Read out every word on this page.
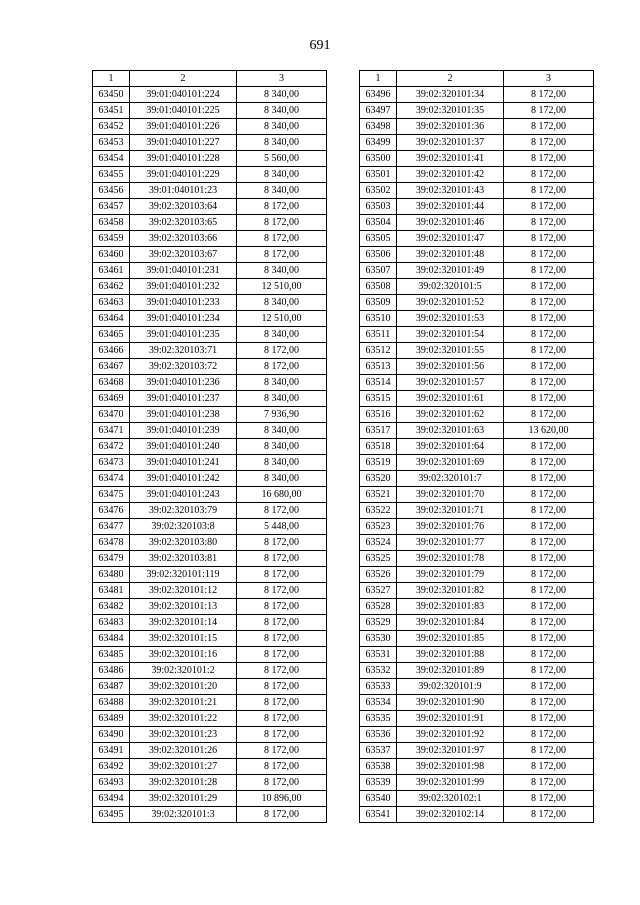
691
1	2	3
63450	39:01:040101:224	8 340,00
63451	39:01:040101:225	8 340,00
63452	39:01:040101:226	8 340,00
63453	39:01:040101:227	8 340,00
63454	39:01:040101:228	5 560,00
63455	39:01:040101:229	8 340,00
63456	39:01:040101:23	8 340,00
63457	39:02:320103:64	8 172,00
63458	39:02:320103:65	8 172,00
63459	39:02:320103:66	8 172,00
63460	39:02:320103:67	8 172,00
63461	39:01:040101:231	8 340,00
63462	39:01:040101:232	12 510,00
63463	39:01:040101:233	8 340,00
63464	39:01:040101:234	12 510,00
63465	39:01:040101:235	8 340,00
63466	39:02:320103:71	8 172,00
63467	39:02:320103:72	8 172,00
63468	39:01:040101:236	8 340,00
63469	39:01:040101:237	8 340,00
63470	39:01:040101:238	7 936,90
63471	39:01:040101:239	8 340,00
63472	39:01:040101:240	8 340,00
63473	39:01:040101:241	8 340,00
63474	39:01:040101:242	8 340,00
63475	39:01:040101:243	16 680,00
63476	39:02:320103:79	8 172,00
63477	39:02:320103:8	5 448,00
63478	39:02:320103:80	8 172,00
63479	39:02:320103:81	8 172,00
63480	39:02:320101:119	8 172,00
63481	39:02:320101:12	8 172,00
63482	39:02:320101:13	8 172,00
63483	39:02:320101:14	8 172,00
63484	39:02:320101:15	8 172,00
63485	39:02:320101:16	8 172,00
63486	39:02:320101:2	8 172,00
63487	39:02:320101:20	8 172,00
63488	39:02:320101:21	8 172,00
63489	39:02:320101:22	8 172,00
63490	39:02:320101:23	8 172,00
63491	39:02:320101:26	8 172,00
63492	39:02:320101:27	8 172,00
63493	39:02:320101:28	8 172,00
63494	39:02:320101:29	10 896,00
63495	39:02:320101:3	8 172,00
1	2	3
63496	39:02:320101:34	8 172,00
63497	39:02:320101:35	8 172,00
63498	39:02:320101:36	8 172,00
63499	39:02:320101:37	8 172,00
63500	39:02:320101:41	8 172,00
63501	39:02:320101:42	8 172,00
63502	39:02:320101:43	8 172,00
63503	39:02:320101:44	8 172,00
63504	39:02:320101:46	8 172,00
63505	39:02:320101:47	8 172,00
63506	39:02:320101:48	8 172,00
63507	39:02:320101:49	8 172,00
63508	39:02:320101:5	8 172,00
63509	39:02:320101:52	8 172,00
63510	39:02:320101:53	8 172,00
63511	39:02:320101:54	8 172,00
63512	39:02:320101:55	8 172,00
63513	39:02:320101:56	8 172,00
63514	39:02:320101:57	8 172,00
63515	39:02:320101:61	8 172,00
63516	39:02:320101:62	8 172,00
63517	39:02:320101:63	13 620,00
63518	39:02:320101:64	8 172,00
63519	39:02:320101:69	8 172,00
63520	39:02:320101:7	8 172,00
63521	39:02:320101:70	8 172,00
63522	39:02:320101:71	8 172,00
63523	39:02:320101:76	8 172,00
63524	39:02:320101:77	8 172,00
63525	39:02:320101:78	8 172,00
63526	39:02:320101:79	8 172,00
63527	39:02:320101:82	8 172,00
63528	39:02:320101:83	8 172,00
63529	39:02:320101:84	8 172,00
63530	39:02:320101:85	8 172,00
63531	39:02:320101:88	8 172,00
63532	39:02:320101:89	8 172,00
63533	39:02:320101:9	8 172,00
63534	39:02:320101:90	8 172,00
63535	39:02:320101:91	8 172,00
63536	39:02:320101:92	8 172,00
63537	39:02:320101:97	8 172,00
63538	39:02:320101:98	8 172,00
63539	39:02:320101:99	8 172,00
63540	39:02:320102:1	8 172,00
63541	39:02:320102:14	8 172,00
